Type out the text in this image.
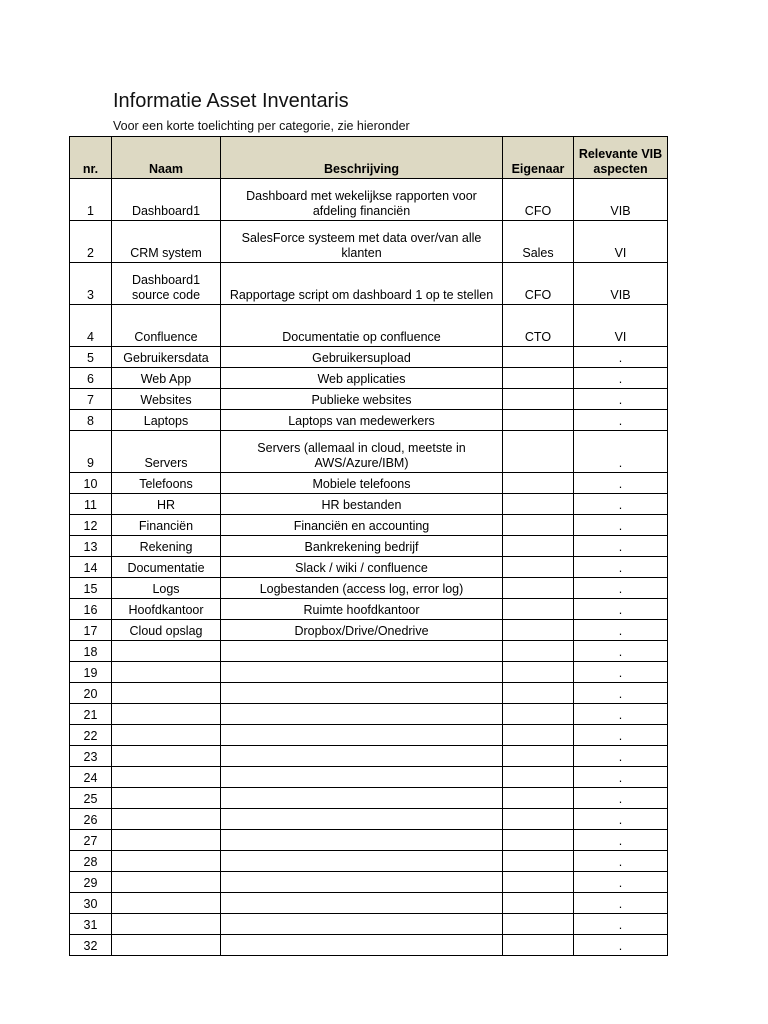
Informatie Asset Inventaris
Voor een korte toelichting per categorie, zie hieronder
nr.	Naam	Beschrijving	Eigenaar	Relevante VIB aspecten
1	Dashboard1	Dashboard met wekelijkse rapporten voor afdeling financiën	CFO	VIB
2	CRM system	SalesForce systeem met data over/van alle klanten	Sales	VI
3	Dashboard1 source code	Rapportage script om dashboard 1 op te stellen	CFO	VIB
4	Confluence	Documentatie op confluence	CTO	VI
5	Gebruikersdata	Gebruikersupload		.
6	Web App	Web applicaties		.
7	Websites	Publieke websites		.
8	Laptops	Laptops van medewerkers		.
9	Servers	Servers (allemaal in cloud, meetste in AWS/Azure/IBM)		.
10	Telefoons	Mobiele telefoons		.
11	HR	HR bestanden		.
12	Financiën	Financiën en accounting		.
13	Rekening	Bankrekening bedrijf		.
14	Documentatie	Slack / wiki / confluence		.
15	Logs	Logbestanden (access log, error log)		.
16	Hoofdkantoor	Ruimte hoofdkantoor		.
17	Cloud opslag	Dropbox/Drive/Onedrive		.
18				.
19				.
20				.
21				.
22				.
23				.
24				.
25				.
26				.
27				.
28				.
29				.
30				.
31				.
32				.
